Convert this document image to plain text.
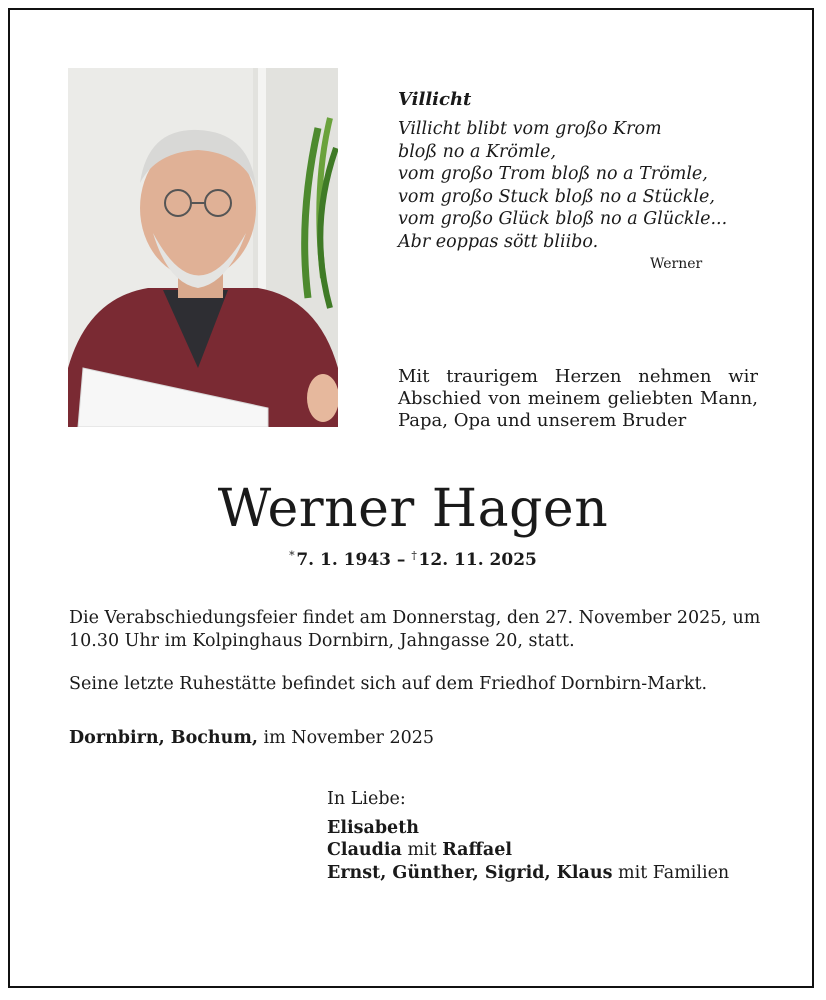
Villicht
Villicht blibt vom großo Krom
bloß no a Krömle,
vom großo Trom bloß no a Trömle,
vom großo Stuck bloß no a Stückle,
vom großo Glück bloß no a Glückle...
Abr eoppas sött bliibo.
Werner
Mit traurigem Herzen nehmen wir
Abschied von meinem geliebten Mann,
Papa, Opa und unserem Bruder
Werner Hagen
*  7. 1. 1943 – †  12. 11. 2025
Die Verabschiedungsfeier findet am Donnerstag, den 27. November 2025, um
10.30 Uhr im Kolpinghaus Dornbirn, Jahngasse 20, statt.
Seine letzte Ruhestätte befindet sich auf dem Friedhof Dornbirn-Markt.
Dornbirn, Bochum, im November 2025
In Liebe:
Elisabeth
Claudia mit Raffael
Ernst, Günther, Sigrid, Klaus mit Familien
